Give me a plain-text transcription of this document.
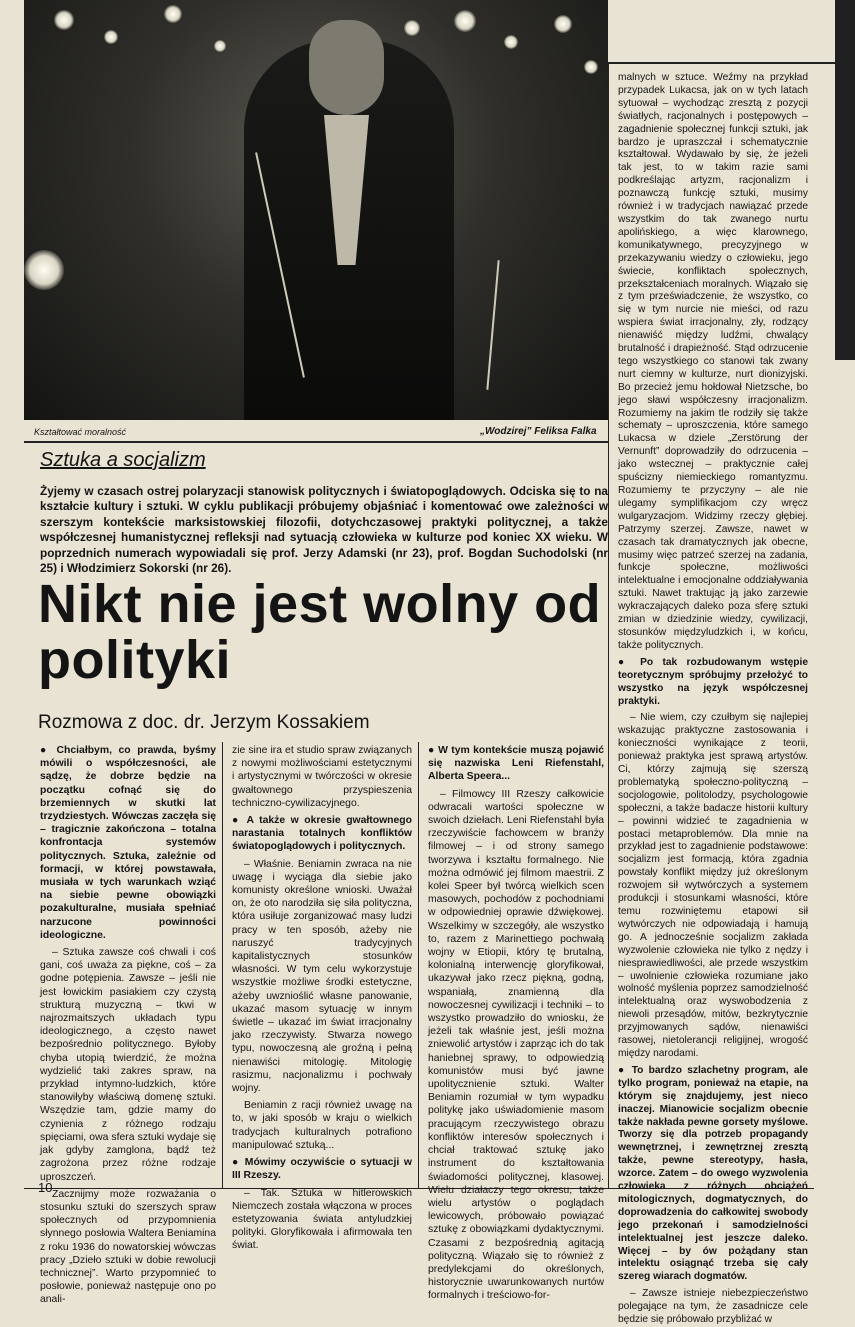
Kształtować moralność	„Wodzirej” Feliksa Falka
Sztuka a socjalizm
Żyjemy w czasach ostrej polaryzacji stanowisk politycznych i światopoglądowych. Odciska się to na kształcie kultury i sztuki. W cyklu publikacji próbujemy objaśniać i komentować owe zależności w szerszym kontekście marksistowskiej filozofii, dotychczasowej praktyki politycznej, a także współczesnej humanistycznej refleksji nad sytuacją człowieka w kulturze pod koniec XX wieku. W poprzednich numerach wypowiadali się prof. Jerzy Adamski (nr 23), prof. Bogdan Suchodolski (nr 25) i Włodzimierz Sokorski (nr 26).
Nikt nie jest wolny od polityki
Rozmowa z doc. dr. Jerzym Kossakiem

● Chciałbym, co prawda, byśmy mówili o współczesności, ale sądzę, że dobrze będzie na początku cofnąć się do brzemiennych w skutki lat trzydziestych. Wówczas zaczęła się – tragicznie zakończona – totalna konfrontacja systemów politycznych. Sztuka, zależnie od formacji, w której powstawała, musiała w tych warunkach wziąć na siebie pewne obowiązki pozakulturalne, musiała spełniać narzucone powinności ideologiczne.

– Sztuka zawsze coś chwali i coś gani, coś uważa za piękne, coś – za godne potępienia. Zawsze – jeśli nie jest łowickim pasiakiem czy czystą strukturą muzyczną – tkwi w najrozmaitszych układach typu ideologicznego, a często nawet bezpośrednio politycznego. Byłoby chyba utopią twierdzić, że można wydzielić taki zakres spraw, na przykład intymno-ludzkich, które stanowiłyby właściwą domenę sztuki. Wszędzie tam, gdzie mamy do czynienia z różnego rodzaju spięciami, owa sfera sztuki wydaje się jak gdyby zamglona, bądź też zagrożona przez różne rodzaje uproszczeń.

Zacznijmy może rozważania o stosunku sztuki do szerszych spraw społecznych od przypomnienia słynnego posłowia Waltera Beniamina z roku 1936 do nowatorskiej wówczas pracy „Dzieło sztuki w dobie rewolucji technicznej”. Warto przypomnieć to posłowie, ponieważ następuje ono po anali-

zie sine ira et studio spraw związanych z nowymi możliwościami estetycznymi i artystycznymi w twórczości w okresie gwałtownego przyspieszenia techniczno-cywilizacyjnego.

● A także w okresie gwałtownego narastania totalnych konfliktów światopoglądowych i politycznych.

– Właśnie. Beniamin zwraca na nie uwagę i wyciąga dla siebie jako komunisty określone wnioski. Uważał on, że oto narodziła się siła polityczna, która usiłuje zorganizować masy ludzi pracy w ten sposób, ażeby nie naruszyć tradycyjnych kapitalistycznych stosunków własności. W tym celu wykorzystuje wszystkie możliwe środki estetyczne, ażeby uwznioślić własne panowanie, ukazać masom sytuację w innym świetle – ukazać im świat irracjonalny jako rzeczywisty. Stwarza nowego typu, nowoczesną ale groźną i pełną nienawiści mitologię. Mitologię rasizmu, nacjonalizmu i pochwały wojny.

Beniamin z racji również uwagę na to, w jaki sposób w kraju o wielkich tradycjach kulturalnych potrafiono manipulować sztuką...

● Mówimy oczywiście o sytuacji w III Rzeszy.

– Tak. Sztuka w hitlerowskich Niemczech została włączona w proces estetyzowania świata antyludzkiej polityki. Gloryfikowała i afirmowała ten świat.

● W tym kontekście muszą pojawić się nazwiska Leni Riefenstahl, Alberta Speera...

– Filmowcy III Rzeszy całkowicie odwracali wartości społeczne w swoich dziełach. Leni Riefenstahl była rzeczywiście fachowcem w branży filmowej – i od strony samego tworzywa i kształtu formalnego. Nie można odmówić jej filmom maestrii. Z kolei Speer był twórcą wielkich scen masowych, pochodów z pochodniami w odpowiedniej oprawie dźwiękowej. Wszelkimy w szczegóły, ale wszystko to, razem z Marinettiego pochwałą wojny w Etiopii, który tę brutalną, kolonialną interwencję gloryfikował, ukazywał jako rzecz piękną, godną, wspaniałą, znamienną dla nowoczesnej cywilizacji i techniki – to wszystko prowadziło do wniosku, że jeżeli tak właśnie jest, jeśli można zniewolić artystów i zaprząc ich do tak haniebnej sprawy, to odpowiedzią komunistów musi być jawne upolitycznienie sztuki. Walter Beniamin rozumiał w tym wypadku politykę jako uświadomienie masom pracującym rzeczywistego obrazu konfliktów interesów społecznych i chciał traktować sztukę jako instrument do kształtowania świadomości politycznej, klasowej. Wielu działaczy tego okresu, także wielu artystów o poglądach lewicowych, próbowało powiązać sztukę z obowiązkami dydaktycznymi. Czasami z bezpośrednią agitacją polityczną. Wiązało się to również z predylekcjami do określonych, historycznie uwarunkowanych nurtów formalnych i treściowo-for-

malnych w sztuce. Weźmy na przykład przypadek Lukacsa, jak on w tych latach sytuował – wychodząc zresztą z pozycji światłych, racjonalnych i postępowych – zagadnienie społecznej funkcji sztuki, jak bardzo je upraszczał i schematycznie kształtował. Wydawało by się, że jeżeli tak jest, to w takim razie sami podkreślając artyzm, racjonalizm i poznawczą funkcję sztuki, musimy również i w tradycjach nawiązać przede wszystkim do tak zwanego nurtu apolińskiego, a więc klarownego, komunikatywnego, precyzyjnego w przekazywaniu wiedzy o człowieku, jego świecie, konfliktach społecznych, przekształceniach moralnych. Wiązało się z tym przeświadczenie, że wszystko, co się w tym nurcie nie mieści, od razu wspiera świat irracjonalny, zły, rodzący nienawiść między ludźmi, chwalący brutalność i drapieżność. Stąd odrzucenie tego wszystkiego co stanowi tak zwany nurt ciemny w kulturze, nurt dionizyjski. Bo przecież jemu hołdował Nietzsche, bo jego sławi współczesny irracjonalizm. Rozumiemy na jakim tle rodziły się także schematy – uproszczenia, które samego Lukacsa w dziele „Zerstörung der Vernunft” doprowadziły do odrzucenia – jako wstecznej – praktycznie całej spuścizny niemieckiego romantyzmu. Rozumiemy te przyczyny – ale nie ulegamy symplifikacjom czy wręcz wulgaryzacjom. Widzimy rzeczy głębiej. Patrzymy szerzej. Zawsze, nawet w czasach tak dramatycznych jak obecne, musimy więc patrzeć szerzej na zadania, funkcje społeczne, możliwości intelektualne i emocjonalne oddziaływania sztuki. Nawet traktując ją jako zarzewie wykraczających daleko poza sferę sztuki zmian w dziedzinie wiedzy, cywilizacji, stosunków międzyludzkich i, w końcu, także politycznych.

● Po tak rozbudowanym wstępie teoretycznym spróbujmy przełożyć to wszystko na język współczesnej praktyki.

– Nie wiem, czy czułbym się najlepiej wskazując praktyczne zastosowania i konieczności wynikające z teorii, ponieważ praktyka jest sprawą artystów. Ci, którzy zajmują się szerszą problematyką społeczno-polityczną – socjologowie, politolodzy, psychologowie społeczni, a także badacze historii kultury – powinni widzieć te zagadnienia w postaci metaproblemów. Dla mnie na przykład jest to zagadnienie podstawowe: socjalizm jest formacją, która zgadnia powstały konflikt między już określonym rozwojem sił wytwórczych a systemem produkcji i stosunkami własności, które temu rozwiniętemu etapowi sił wytwórczych nie odpowiadają i hamują go. A jednocześnie socjalizm zakłada wyzwolenie człowieka nie tylko z nędzy i niesprawiedliwości, ale przede wszystkim – uwolnienie człowieka rozumiane jako wolność myślenia poprzez samodzielność intelektualną oraz wyswobodzenia z niewoli przesądów, mitów, bezkrytycznie przyjmowanych sądów, nienawiści rasowej, nietolerancji religijnej, wrogość między narodami.

● To bardzo szlachetny program, ale tylko program, ponieważ na etapie, na którym się znajdujemy, jest nieco inaczej. Mianowicie socjalizm obecnie także nakłada pewne gorsety myślowe. Tworzy się dla potrzeb propagandy wewnętrznej, i zewnętrznej zresztą także, pewne stereotypy, hasła, wzorce. Zatem – do owego wyzwolenia człowieka z różnych obciążeń mitologicznych, dogmatycznych, do doprowadzenia do całkowitej swobody jego przekonań i samodzielności intelektualnej jest jeszcze daleko. Więcej – by ów pożądany stan intelektu osiągnąć trzeba się cały szereg wiarach dogmatów.

– Zawsze istnieje niebezpieczeństwo polegające na tym, że zasadnicze cele będzie się próbowało przybliżać w

10
